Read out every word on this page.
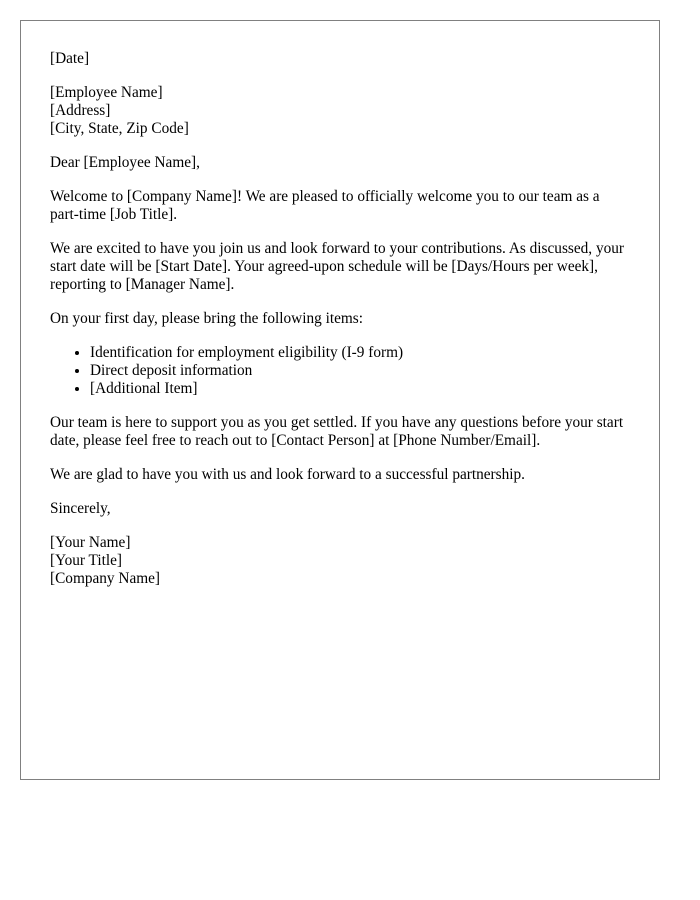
[Date]

[Employee Name]
[Address]
[City, State, Zip Code]

Dear [Employee Name],

Welcome to [Company Name]! We are pleased to officially welcome you to our team as a part-time [Job Title].

We are excited to have you join us and look forward to your contributions. As discussed, your start date will be [Start Date]. Your agreed-upon schedule will be [Days/Hours per week], reporting to [Manager Name].

On your first day, please bring the following items:

• Identification for employment eligibility (I-9 form)
• Direct deposit information
• [Additional Item]

Our team is here to support you as you get settled. If you have any questions before your start date, please feel free to reach out to [Contact Person] at [Phone Number/Email].

We are glad to have you with us and look forward to a successful partnership.

Sincerely,

[Your Name]
[Your Title]
[Company Name]
